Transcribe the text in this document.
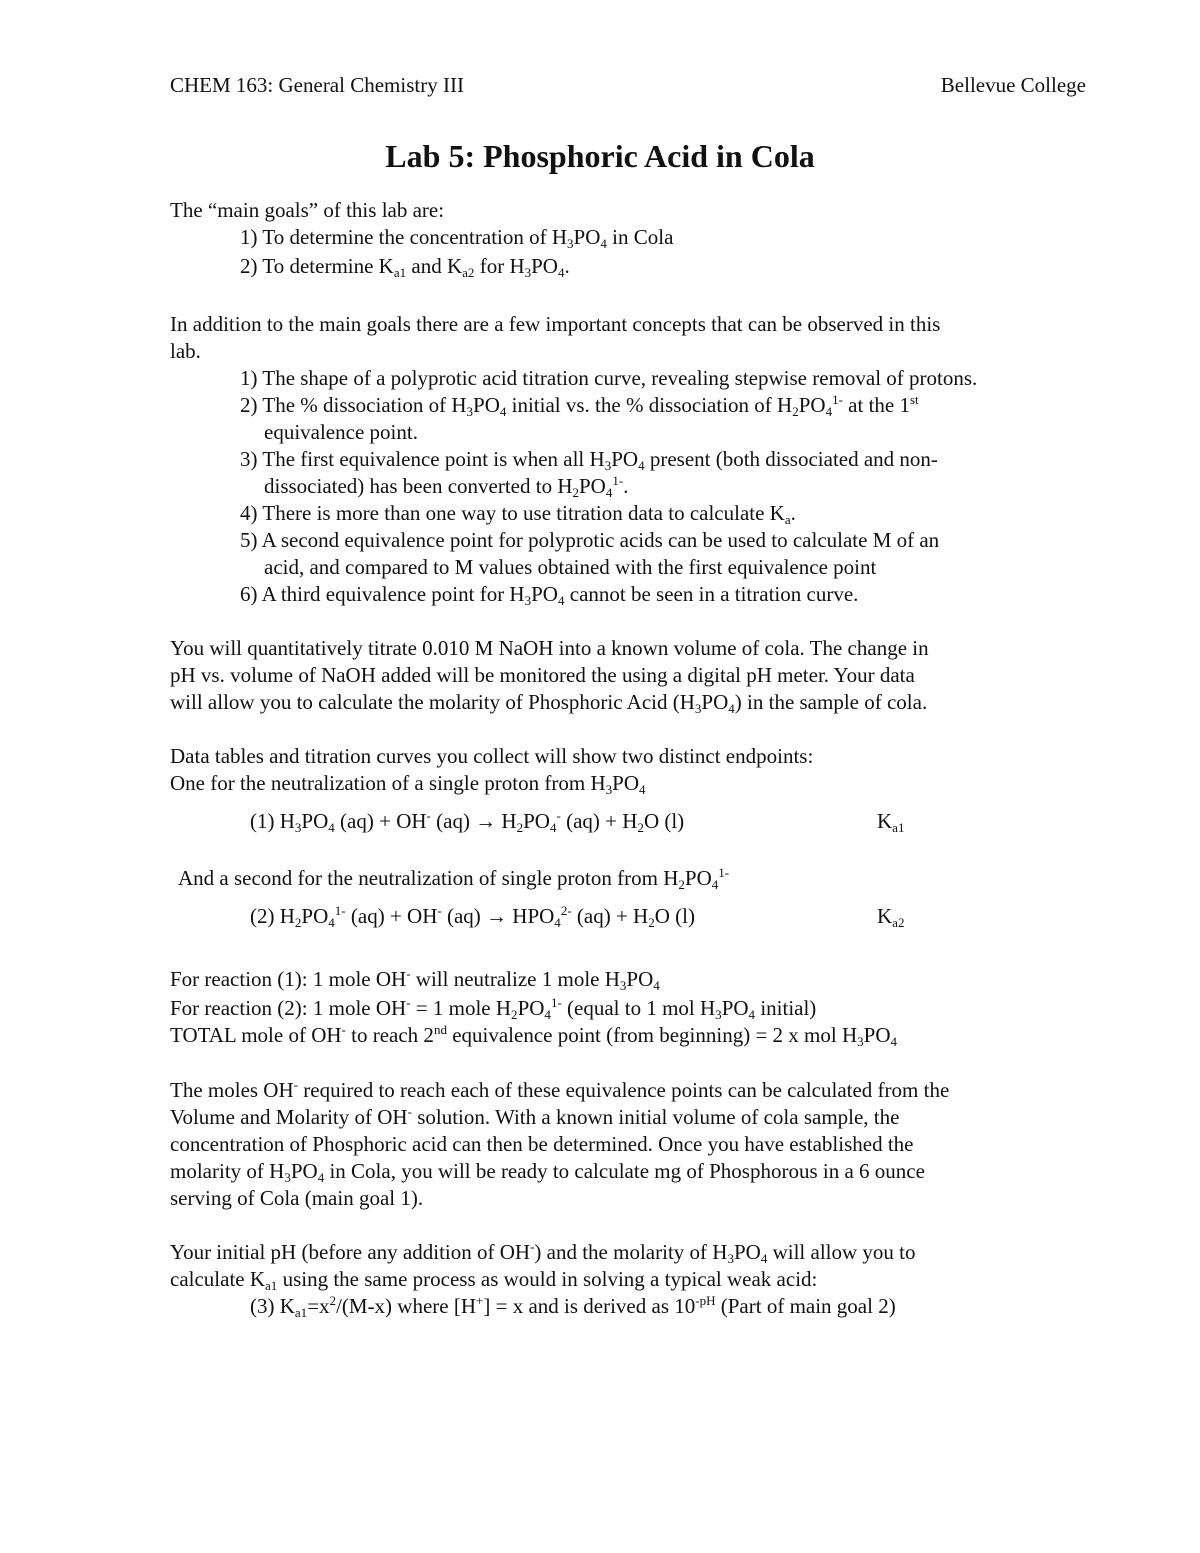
CHEM 163: General Chemistry III	Bellevue College
Lab 5: Phosphoric Acid in Cola
The “main goals” of this lab are:
1) To determine the concentration of $H_3PO_4$ in Cola
2) To determine $K_{a1}$ and $K_{a2}$ for $H_3PO_4$.
In addition to the main goals there are a few important concepts that can be observed in this
lab.
1) The shape of a polyprotic acid titration curve, revealing stepwise removal of protons.
2) The % dissociation of $H_3PO_4$ initial vs. the % dissociation of $H_2PO_4^{1-}$ at the 1st
equivalence point.
3) The first equivalence point is when all $H_3PO_4$ present (both dissociated and non-
dissociated) has been converted to $H_2PO_4^{1-}$.
4) There is more than one way to use titration data to calculate $K_a$.
5) A second equivalence point for polyprotic acids can be used to calculate M of an
acid, and compared to M values obtained with the first equivalence point
6) A third equivalence point for $H_3PO_4$ cannot be seen in a titration curve.
You will quantitatively titrate 0.010 M NaOH into a known volume of cola. The change in
pH vs. volume of NaOH added will be monitored the using a digital pH meter. Your data
will allow you to calculate the molarity of Phosphoric Acid $(H_3PO_4)$ in the sample of cola.
Data tables and titration curves you collect will show two distinct endpoints:
One for the neutralization of a single proton from $H_3PO_4$
(1) $H_3PO_4$ (aq) + OH- $(aq) \to H_2PO_4^-$ $(aq) + H_2O$ (l)	$K_{a1}$
And a second for the neutralization of single proton from $H_2PO_4^{1-}$
(2) $H_2PO_4^{1-}$ (aq) + OH- $(aq) \to HPO_4^{2-}$ $(aq) + H_2O$ (l)	$K_{a2}$
For reaction (1): 1 mole OH- will neutralize 1 mole $H_3PO_4$
For reaction (2): 1 mole OH- = 1 mole $H_2PO_4^{1-}$ (equal to 1 mol $H_3PO_4$ initial)
TOTAL mole of OH- to reach 2nd equivalence point (from beginning) = 2 x mol $H_3PO_4$
The moles OH- required to reach each of these equivalence points can be calculated from the
Volume and Molarity of OH- solution. With a known initial volume of cola sample, the
concentration of Phosphoric acid can then be determined. Once you have established the
molarity of $H_3PO_4$ in Cola, you will be ready to calculate mg of Phosphorous in a 6 ounce
serving of Cola (main goal 1).
Your initial pH (before any addition of OH-) and the molarity of $H_3PO_4$ will allow you to
calculate $K_{a1}$ using the same process as would in solving a typical weak acid:
(3) $K_{a1}=x^2/(M-x)$ where [H+] = x and is derived as $10^{-pH}$ (Part of main goal 2)
